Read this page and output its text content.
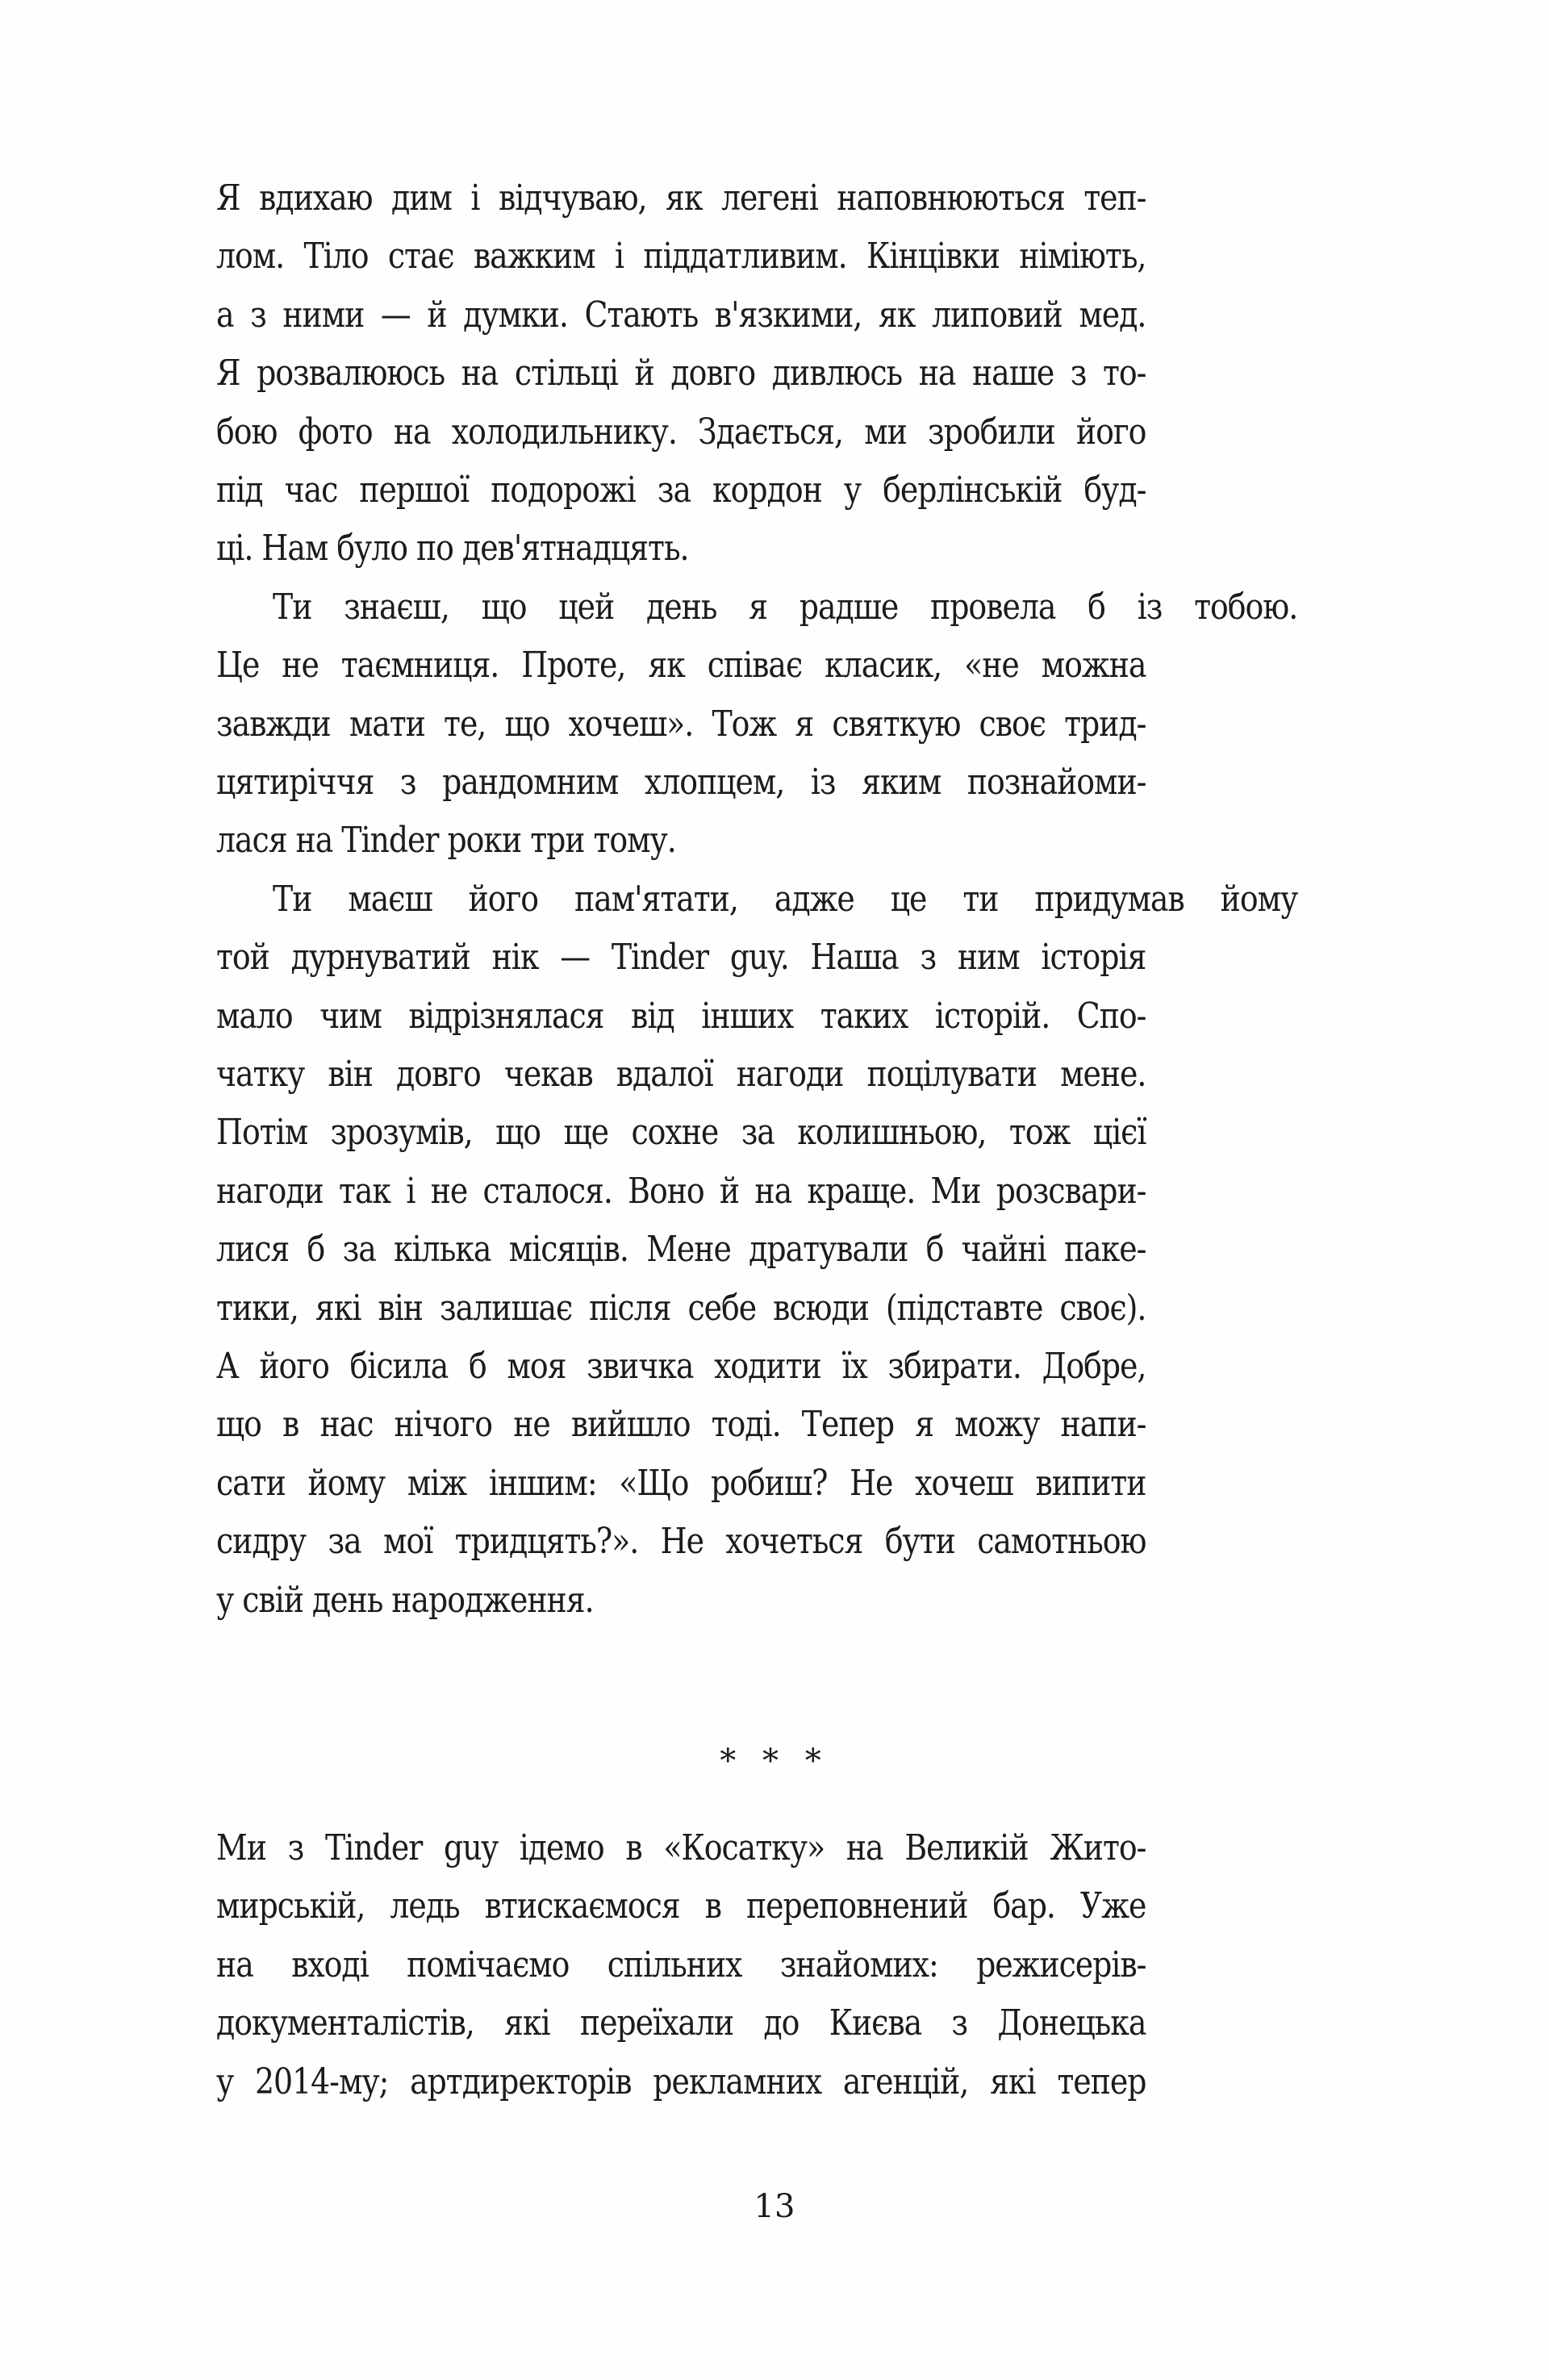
Я вдихаю дим і відчуваю, як легені наповнюються теп-
лом. Тіло стає важким і піддатливим. Кінцівки німіють,
а з ними — й думки. Стають в'язкими, як липовий мед.
Я розвалююсь на стільці й довго дивлюсь на наше з то-
бою фото на холодильнику. Здається, ми зробили його
під час першої подорожі за кордон у берлінській буд-
ці. Нам було по дев'ятнадцять.
Ти знаєш, що цей день я радше провела б із тобою.
Це не таємниця. Проте, як співає класик, «не можна
завжди мати те, що хочеш». Тож я святкую своє трид-
цятиріччя з рандомним хлопцем, із яким познайоми-
лася на Tinder роки три тому.
Ти маєш його пам'ятати, адже це ти придумав йому
той дурнуватий нік — Tinder guy. Наша з ним історія
мало чим відрізнялася від інших таких історій. Спо-
чатку він довго чекав вдалої нагоди поцілувати мене.
Потім зрозумів, що ще сохне за колишньою, тож цієї
нагоди так і не сталося. Воно й на краще. Ми розсвари-
лися б за кілька місяців. Мене дратували б чайні паке-
тики, які він залишає після себе всюди (підставте своє).
А його бісила б моя звичка ходити їх збирати. Добре,
що в нас нічого не вийшло тоді. Тепер я можу напи-
сати йому між іншим: «Що робиш? Не хочеш випити
сидру за мої тридцять?». Не хочеться бути самотньою
у свій день народження.
* * *
Ми з Tinder guy ідемо в «Косатку» на Великій Жито-
мирській, ледь втискаємося в переповнений бар. Уже
на вході помічаємо спільних знайомих: режисерів-
документалістів, які переїхали до Києва з Донецька
у 2014-му; артдиректорів рекламних агенцій, які тепер
13
